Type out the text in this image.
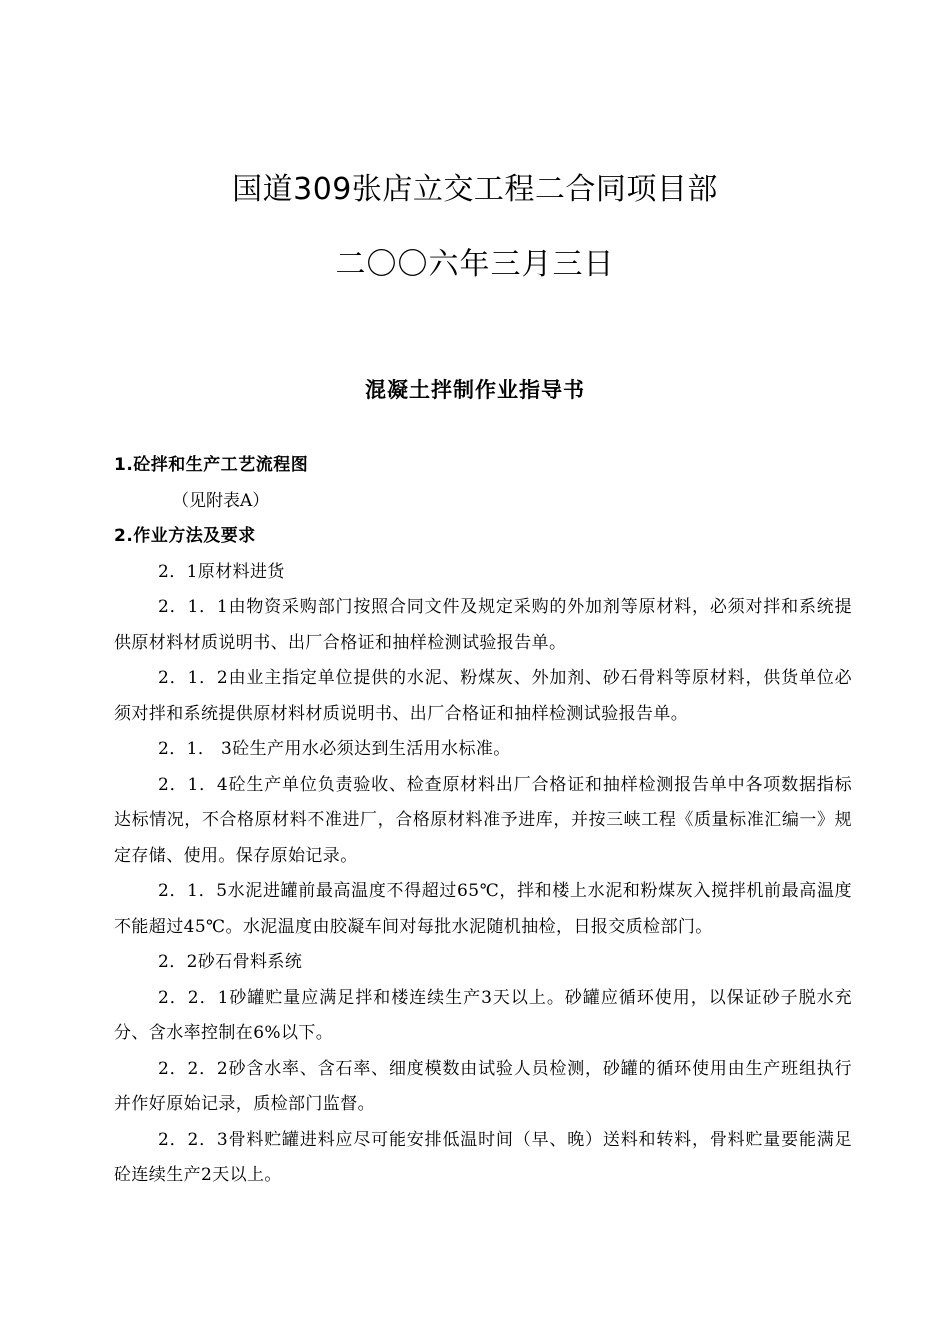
国道309张店立交工程二合同项目部
二〇〇六年三月三日
混凝土拌制作业指导书

1.砼拌和生产工艺流程图

（见附表A）

2.作业方法及要求

2．1原材料进货

2．1．1由物资采购部门按照合同文件及规定采购的外加剂等原材料，必须对拌和系统提供原材料材质说明书、出厂合格证和抽样检测试验报告单。

2．1．2由业主指定单位提供的水泥、粉煤灰、外加剂、砂石骨料等原材料，供货单位必须对拌和系统提供原材料材质说明书、出厂合格证和抽样检测试验报告单。

2．1． 3砼生产用水必须达到生活用水标准。

2．1．4砼生产单位负责验收、检查原材料出厂合格证和抽样检测报告单中各项数据指标达标情况，不合格原材料不准进厂，合格原材料准予进库，并按三峡工程《质量标准汇编一》规定存储、使用。保存原始记录。

2．1．5水泥进罐前最高温度不得超过65℃，拌和楼上水泥和粉煤灰入搅拌机前最高温度不能超过45℃。水泥温度由胶凝车间对每批水泥随机抽检，日报交质检部门。

2．2砂石骨料系统

2．2．1砂罐贮量应满足拌和楼连续生产3天以上。砂罐应循环使用，以保证砂子脱水充分、含水率控制在6%以下。

2．2．2砂含水率、含石率、细度模数由试验人员检测，砂罐的循环使用由生产班组执行并作好原始记录，质检部门监督。

2．2．3骨料贮罐进料应尽可能安排低温时间（早、晚）送料和转料，骨料贮量要能满足砼连续生产2天以上。
